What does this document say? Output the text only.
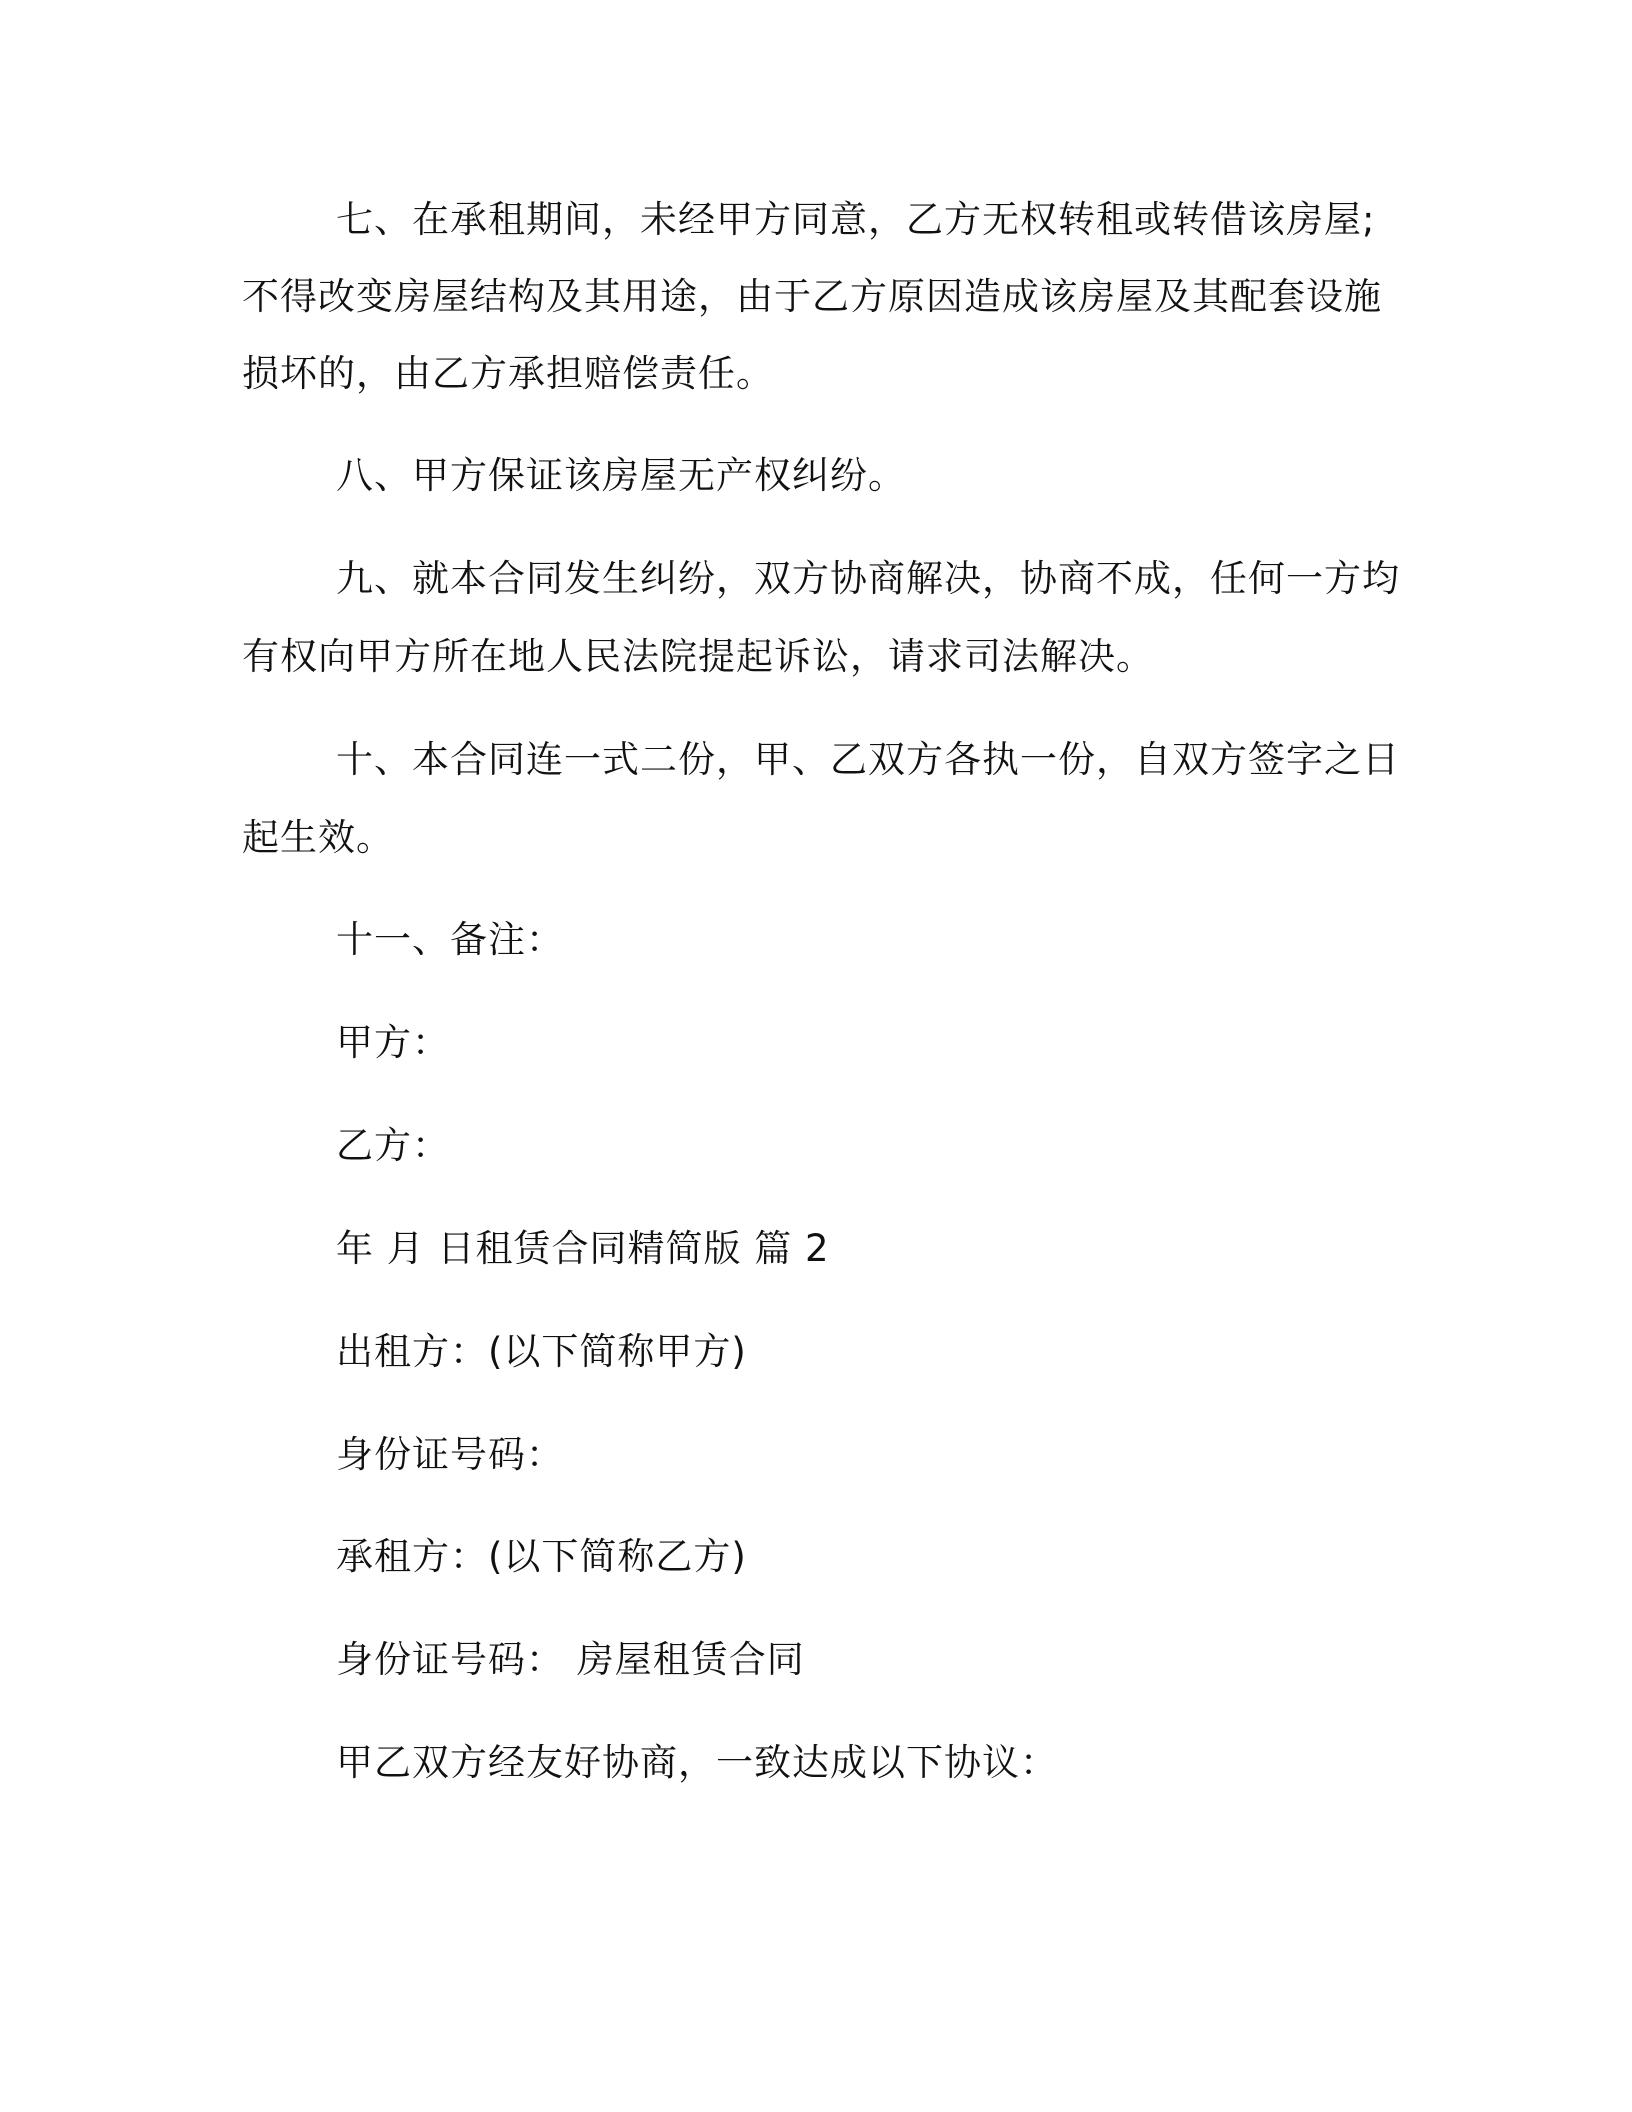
七、在承租期间，未经甲方同意，乙方无权转租或转借该房屋;
不得改变房屋结构及其用途，由于乙方原因造成该房屋及其配套设施
损坏的，由乙方承担赔偿责任。
八、甲方保证该房屋无产权纠纷。
九、就本合同发生纠纷，双方协商解决，协商不成，任何一方均
有权向甲方所在地人民法院提起诉讼，请求司法解决。
十、本合同连一式二份，甲、乙双方各执一份，自双方签字之日
起生效。
十一、备注：
甲方：
乙方：
年 月 日租赁合同精简版 篇 2
出租方：(以下简称甲方)
身份证号码：
承租方：(以下简称乙方)
身份证号码： 房屋租赁合同
甲乙双方经友好协商，一致达成以下协议：
